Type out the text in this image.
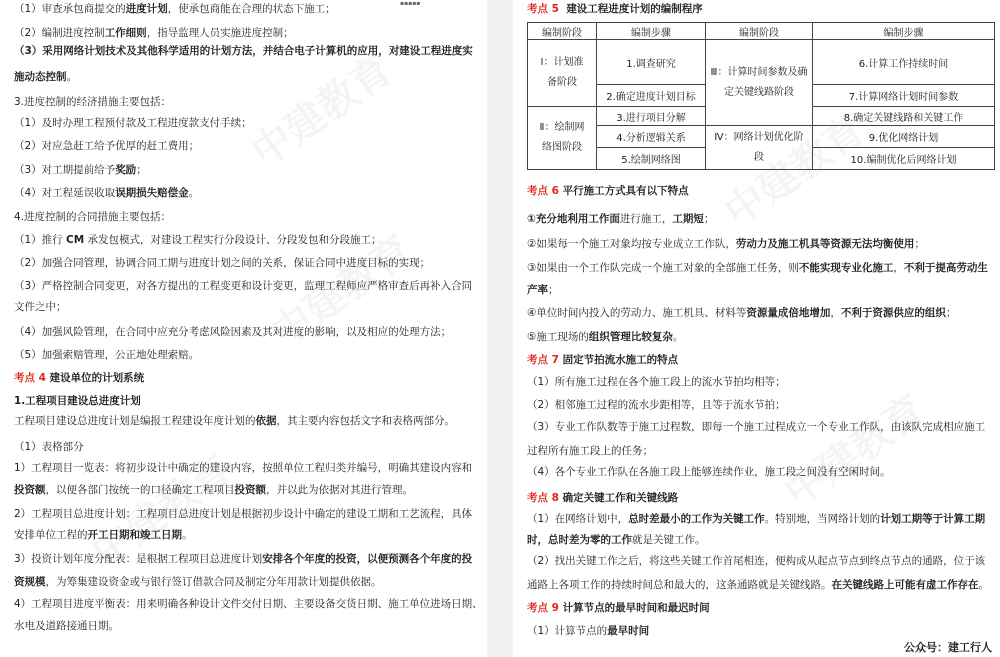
▪▪▪▪▪
（1）审查承包商提交的进度计划，使承包商能在合理的状态下施工；
（2）编制进度控制工作细则，指导监理人员实施进度控制；
（3）采用网络计划技术及其他科学适用的计划方法，并结合电子计算机的应用，对建设工程进度实
施动态控制。
3.进度控制的经济措施主要包括：
（1）及时办理工程预付款及工程进度款支付手续；
（2）对应急赶工给予优厚的赶工费用；
（3）对工期提前给予奖励；
（4）对工程延误收取误期损失赔偿金。
4.进度控制的合同措施主要包括：
（1）推行 CM 承发包模式，对建设工程实行分段设计、分段发包和分段施工；
（2）加强合同管理，协调合同工期与进度计划之间的关系，保证合同中进度目标的实现；
（3）严格控制合同变更，对各方提出的工程变更和设计变更，监理工程师应严格审查后再补入合同
文件之中；
（4）加强风险管理，在合同中应充分考虑风险因素及其对进度的影响，以及相应的处理方法；
（5）加强索赔管理，公正地处理索赔。
考点 4 建设单位的计划系统
1.工程项目建设总进度计划
工程项目建设总进度计划是编报工程建设年度计划的依据，其主要内容包括文字和表格两部分。
（1）表格部分
1）工程项目一览表：将初步设计中确定的建设内容，按照单位工程归类并编号，明确其建设内容和
投资额，以便各部门按统一的口径确定工程项目投资额，并以此为依据对其进行管理。
2）工程项目总进度计划：工程项目总进度计划是根据初步设计中确定的建设工期和工艺流程，具体
安排单位工程的开工日期和竣工日期。
3）投资计划年度分配表：是根据工程项目总进度计划安排各个年度的投资，以便预测各个年度的投
资规模，为筹集建设资金或与银行签订借款合同及制定分年用款计划提供依据。
4）工程项目进度平衡表：用来明确各种设计文件交付日期、主要设备交货日期、施工单位进场日期、
水电及道路接通日期。
考点 5 建设工程进度计划的编制程序
编制阶段	编制步骤	编制阶段	编制步骤
Ⅰ：计划准备阶段	1.调查研究	Ⅲ：计算时间参数及确定关键线路阶段	6.计算工作持续时间
	2.确定进度计划目标		7.计算网络计划时间参数
Ⅱ：绘制网络图阶段	3.进行项目分解		8.确定关键线路和关键工作
	4.分析逻辑关系	Ⅳ：网络计划优化阶段	9.优化网络计划
	5.绘制网络图		10.编制优化后网络计划
考点 6 平行施工方式具有以下特点
①充分地利用工作面进行施工，工期短；
②如果每一个施工对象均按专业成立工作队，劳动力及施工机具等资源无法均衡使用；
③如果由一个工作队完成一个施工对象的全部施工任务，则不能实现专业化施工，不利于提高劳动生
产率；
④单位时间内投入的劳动力、施工机具、材料等资源量成倍地增加，不利于资源供应的组织；
⑤施工现场的组织管理比较复杂。
考点 7 固定节拍流水施工的特点
（1）所有施工过程在各个施工段上的流水节拍均相等；
（2）相邻施工过程的流水步距相等，且等于流水节拍；
（3）专业工作队数等于施工过程数，即每一个施工过程成立一个专业工作队，由该队完成相应施工
过程所有施工段上的任务；
（4）各个专业工作队在各施工段上能够连续作业，施工段之间没有空闲时间。
考点 8 确定关键工作和关键线路
（1）在网络计划中，总时差最小的工作为关键工作。特别地，当网络计划的计划工期等于计算工期
时，总时差为零的工作就是关键工作。
（2）找出关键工作之后，将这些关键工作首尾相连，便构成从起点节点到终点节点的通路，位于该
通路上各项工作的持续时间总和最大的，这条通路就是关键线路。在关键线路上可能有虚工作存在。
考点 9 计算节点的最早时间和最迟时间
（1）计算节点的最早时间
公众号：建工行人
